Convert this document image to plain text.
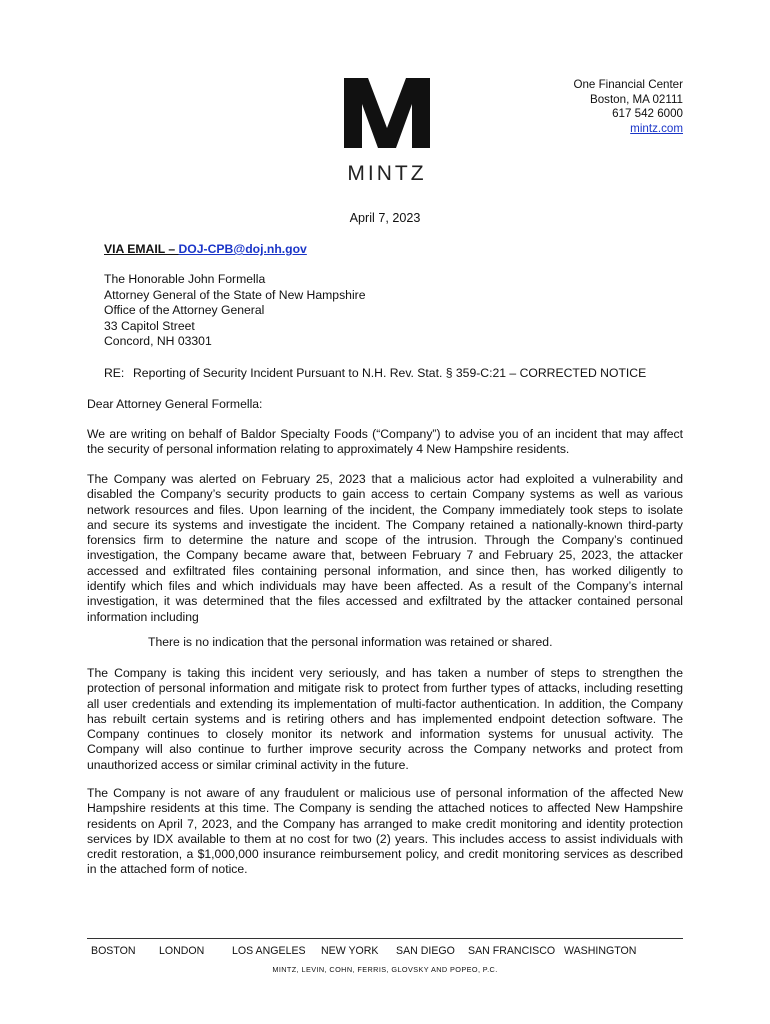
MINTZ
One Financial Center
Boston, MA 02111
617 542 6000
mintz.com
April 7, 2023
VIA EMAIL – DOJ-CPB@doj.nh.gov
The Honorable John Formella
Attorney General of the State of New Hampshire
Office of the Attorney General
33 Capitol Street
Concord, NH 03301
RE: Reporting of Security Incident Pursuant to N.H. Rev. Stat. § 359-C:21 – CORRECTED NOTICE
Dear Attorney General Formella:
We are writing on behalf of Baldor Specialty Foods (“Company”) to advise you of an incident that may affect
the security of personal information relating to approximately 4 New Hampshire residents.
The Company was alerted on February 25, 2023 that a malicious actor had exploited a vulnerability and
disabled the Company’s security products to gain access to certain Company systems as well as various
network resources and files. Upon learning of the incident, the Company immediately took steps to isolate
and secure its systems and investigate the incident. The Company retained a nationally-known third-party
forensics firm to determine the nature and scope of the intrusion. Through the Company’s continued
investigation, the Company became aware that, between February 7 and February 25, 2023, the attacker
accessed and exfiltrated files containing personal information, and since then, has worked diligently to
identify which files and which individuals may have been affected. As a result of the Company’s internal
investigation, it was determined that the files accessed and exfiltrated by the attacker contained personal
information including
There is no indication that the personal information was retained or shared.
The Company is taking this incident very seriously, and has taken a number of steps to strengthen the
protection of personal information and mitigate risk to protect from further types of attacks, including resetting
all user credentials and extending its implementation of multi-factor authentication. In addition, the Company
has rebuilt certain systems and is retiring others and has implemented endpoint detection software. The
Company continues to closely monitor its network and information systems for unusual activity. The
Company will also continue to further improve security across the Company networks and protect from
unauthorized access or similar criminal activity in the future.
The Company is not aware of any fraudulent or malicious use of personal information of the affected New
Hampshire residents at this time. The Company is sending the attached notices to affected New Hampshire
residents on April 7, 2023, and the Company has arranged to make credit monitoring and identity protection
services by IDX available to them at no cost for two (2) years. This includes access to assist individuals with
credit restoration, a $1,000,000 insurance reimbursement policy, and credit monitoring services as described
in the attached form of notice.
BOSTON LONDON	LOS ANGELES NEW YORK SAN DIEGO SAN FRANCISCO WASHINGTON
MINTZ, LEVIN, COHN, FERRIS, GLOVSKY AND POPEO, P.C.
